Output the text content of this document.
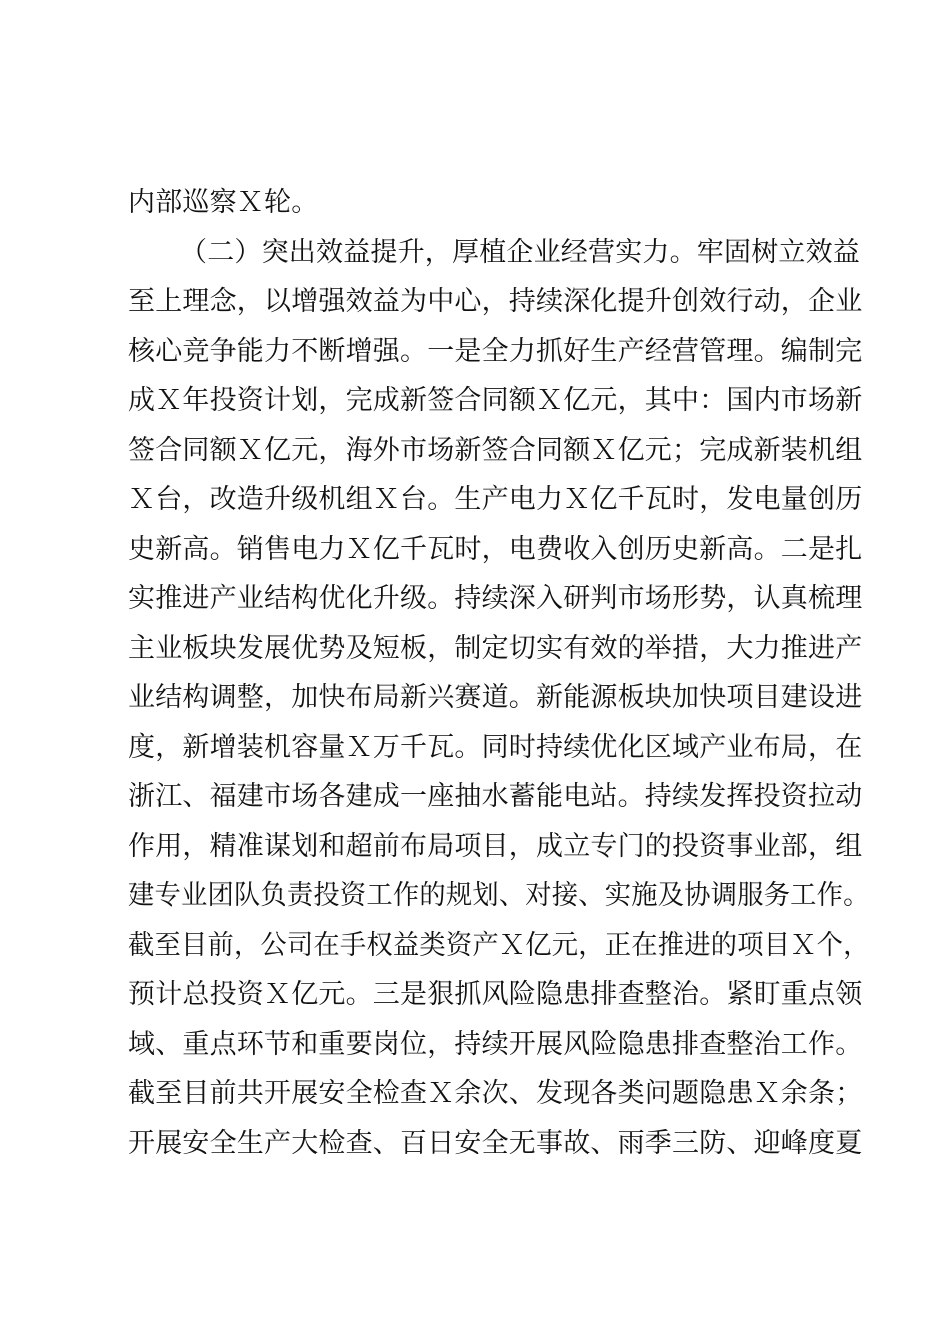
内部巡察Ｘ轮。
（二）突出效益提升，厚植企业经营实力。牢固树立效益
至上理念，以增强效益为中心，持续深化提升创效行动，企业
核心竞争能力不断增强。一是全力抓好生产经营管理。编制完
成Ｘ年投资计划，完成新签合同额Ｘ亿元，其中：国内市场新
签合同额Ｘ亿元，海外市场新签合同额Ｘ亿元；完成新装机组
Ｘ台，改造升级机组Ｘ台。生产电力Ｘ亿千瓦时，发电量创历
史新高。销售电力Ｘ亿千瓦时，电费收入创历史新高。二是扎
实推进产业结构优化升级。持续深入研判市场形势，认真梳理
主业板块发展优势及短板，制定切实有效的举措，大力推进产
业结构调整，加快布局新兴赛道。新能源板块加快项目建设进
度，新增装机容量Ｘ万千瓦。同时持续优化区域产业布局，在
浙江、福建市场各建成一座抽水蓄能电站。持续发挥投资拉动
作用，精准谋划和超前布局项目，成立专门的投资事业部，组
建专业团队负责投资工作的规划、对接、实施及协调服务工作。
截至目前，公司在手权益类资产Ｘ亿元，正在推进的项目Ｘ个，
预计总投资Ｘ亿元。三是狠抓风险隐患排查整治。紧盯重点领
域、重点环节和重要岗位，持续开展风险隐患排查整治工作。
截至目前共开展安全检查Ｘ余次、发现各类问题隐患Ｘ余条；
开展安全生产大检查、百日安全无事故、雨季三防、迎峰度夏
